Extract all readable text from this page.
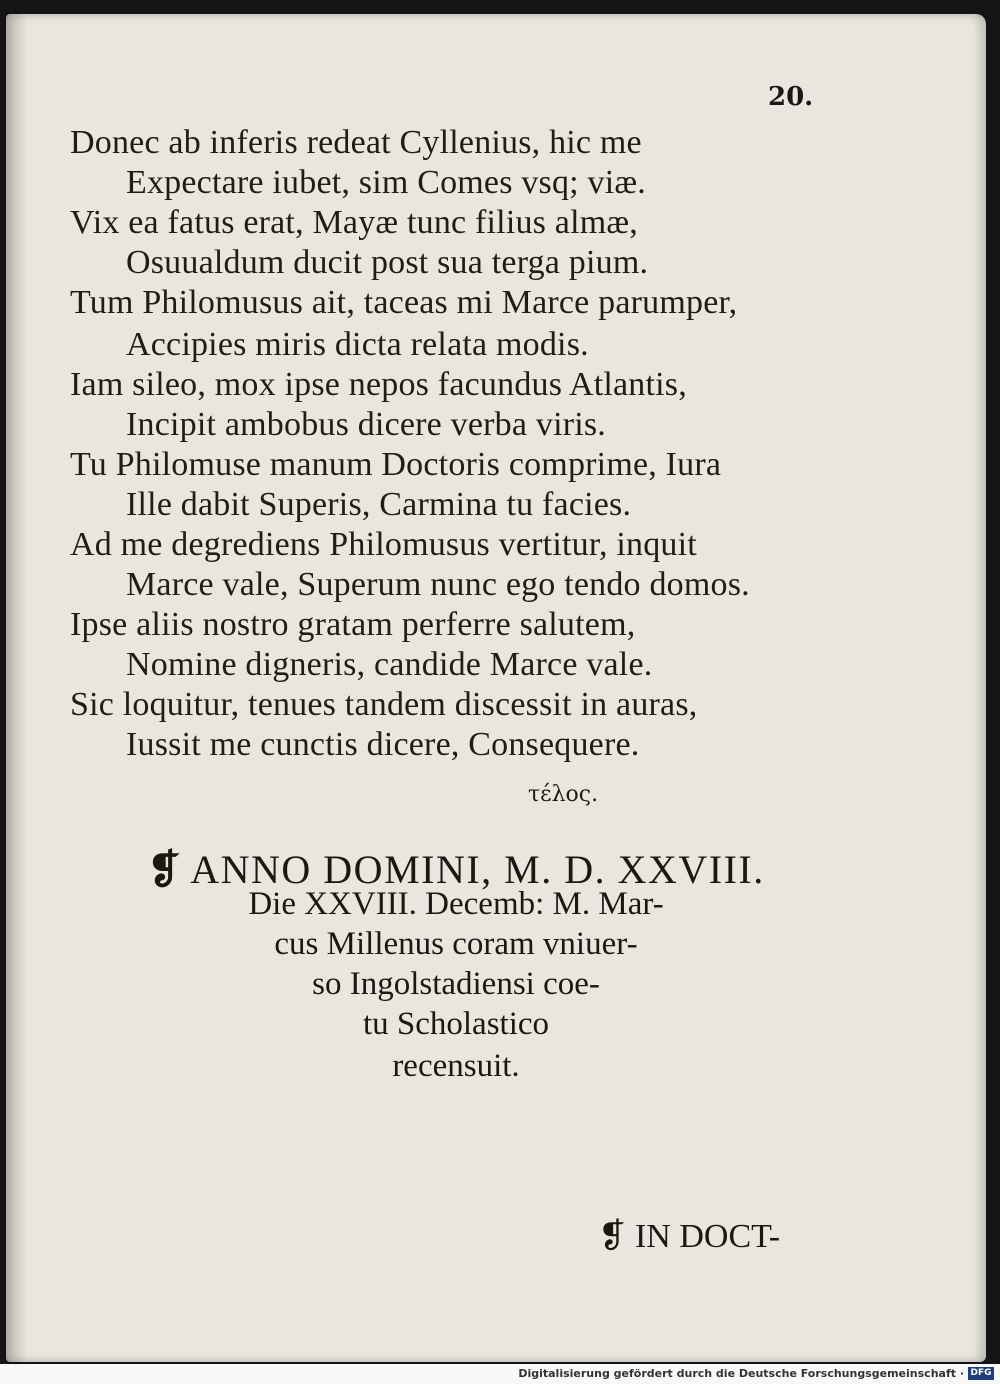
20.
Donec ab inferis redeat Cyllenius, hic me
Expectare iubet, sim Comes vsq; viæ.
Vix ea fatus erat, Mayæ tunc filius almæ,
Osuualdum ducit post sua terga pium.
Tum Philomusus ait, taceas mi Marce parumper,
Accipies miris dicta relata modis.
Iam sileo, mox ipse nepos facundus Atlantis,
Incipit ambobus dicere verba viris.
Tu Philomuse manum Doctoris comprime, Iura
Ille dabit Superis, Carmina tu facies.
Ad me degrediens Philomusus vertitur, inquit
Marce vale, Superum nunc ego tendo domos.
Ipse aliis nostro gratam perferre salutem,
Nomine digneris, candide Marce vale.
Sic loquitur, tenues tandem discessit in auras,
Iussit me cunctis dicere, Consequere.
τέλος.
❡ ANNO DOMINI, M. D. XXVIII.
Die XXVIII. Decemb: M. Mar-
cus Millenus coram vniuer-
so Ingolstadiensi coe-
tu Scholastico
recensuit.
❡ IN DOCT-
Digitalisierung gefördert durch die Deutsche Forschungsgemeinschaft · DFG
